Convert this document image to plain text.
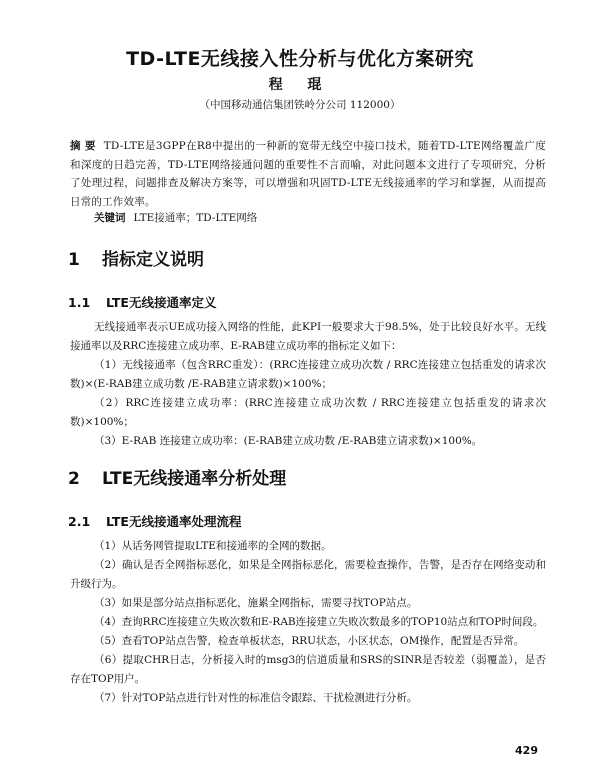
TD-LTE无线接入性分析与优化方案研究
程 琨
（中国移动通信集团铁岭分公司 112000）
摘 要 TD-LTE是3GPP在R8中提出的一种新的宽带无线空中接口技术，随着TD-LTE网络覆盖广度和深度的日趋完善，TD-LTE网络接通问题的重要性不言而喻，对此问题本文进行了专项研究，分析了处理过程，问题排查及解决方案等，可以增强和巩固TD-LTE无线接通率的学习和掌握，从而提高日常的工作效率。
关键词 LTE接通率；TD-LTE网络
1 指标定义说明
1.1 LTE无线接通率定义

无线接通率表示UE成功接入网络的性能，此KPI一般要求大于98.5%，处于比较良好水平。无线接通率以及RRC连接建立成功率、E-RAB建立成功率的指标定义如下：

（1）无线接通率（包含RRC重发）：(RRC连接建立成功次数 / RRC连接建立包括重发的请求次数)×(E-RAB建立成功数 /E-RAB建立请求数)×100%；

（2）RRC连接建立成功率：(RRC连接建立成功次数 / RRC连接建立包括重发的请求次数)×100%；

（3）E-RAB 连接建立成功率：(E-RAB建立成功数 /E-RAB建立请求数)×100%。

2 LTE无线接通率分析处理
2.1 LTE无线接通率处理流程

（1）从话务网管提取LTE和接通率的全网的数据。

（2）确认是否全网指标恶化，如果是全网指标恶化，需要检查操作，告警，是否存在网络变动和升级行为。

（3）如果是部分站点指标恶化，施累全网指标，需要寻找TOP站点。

（4）查询RRC连接建立失败次数和E-RAB连接建立失败次数最多的TOP10站点和TOP时间段。

（5）查看TOP站点告警，检查单板状态，RRU状态，小区状态，OM操作，配置是否异常。

（6）提取CHR日志，分析接入时的msg3的信道质量和SRS的SINR是否较差（弱覆盖），是否存在TOP用户。

（7）针对TOP站点进行针对性的标准信令跟踪、干扰检测进行分析。

429
